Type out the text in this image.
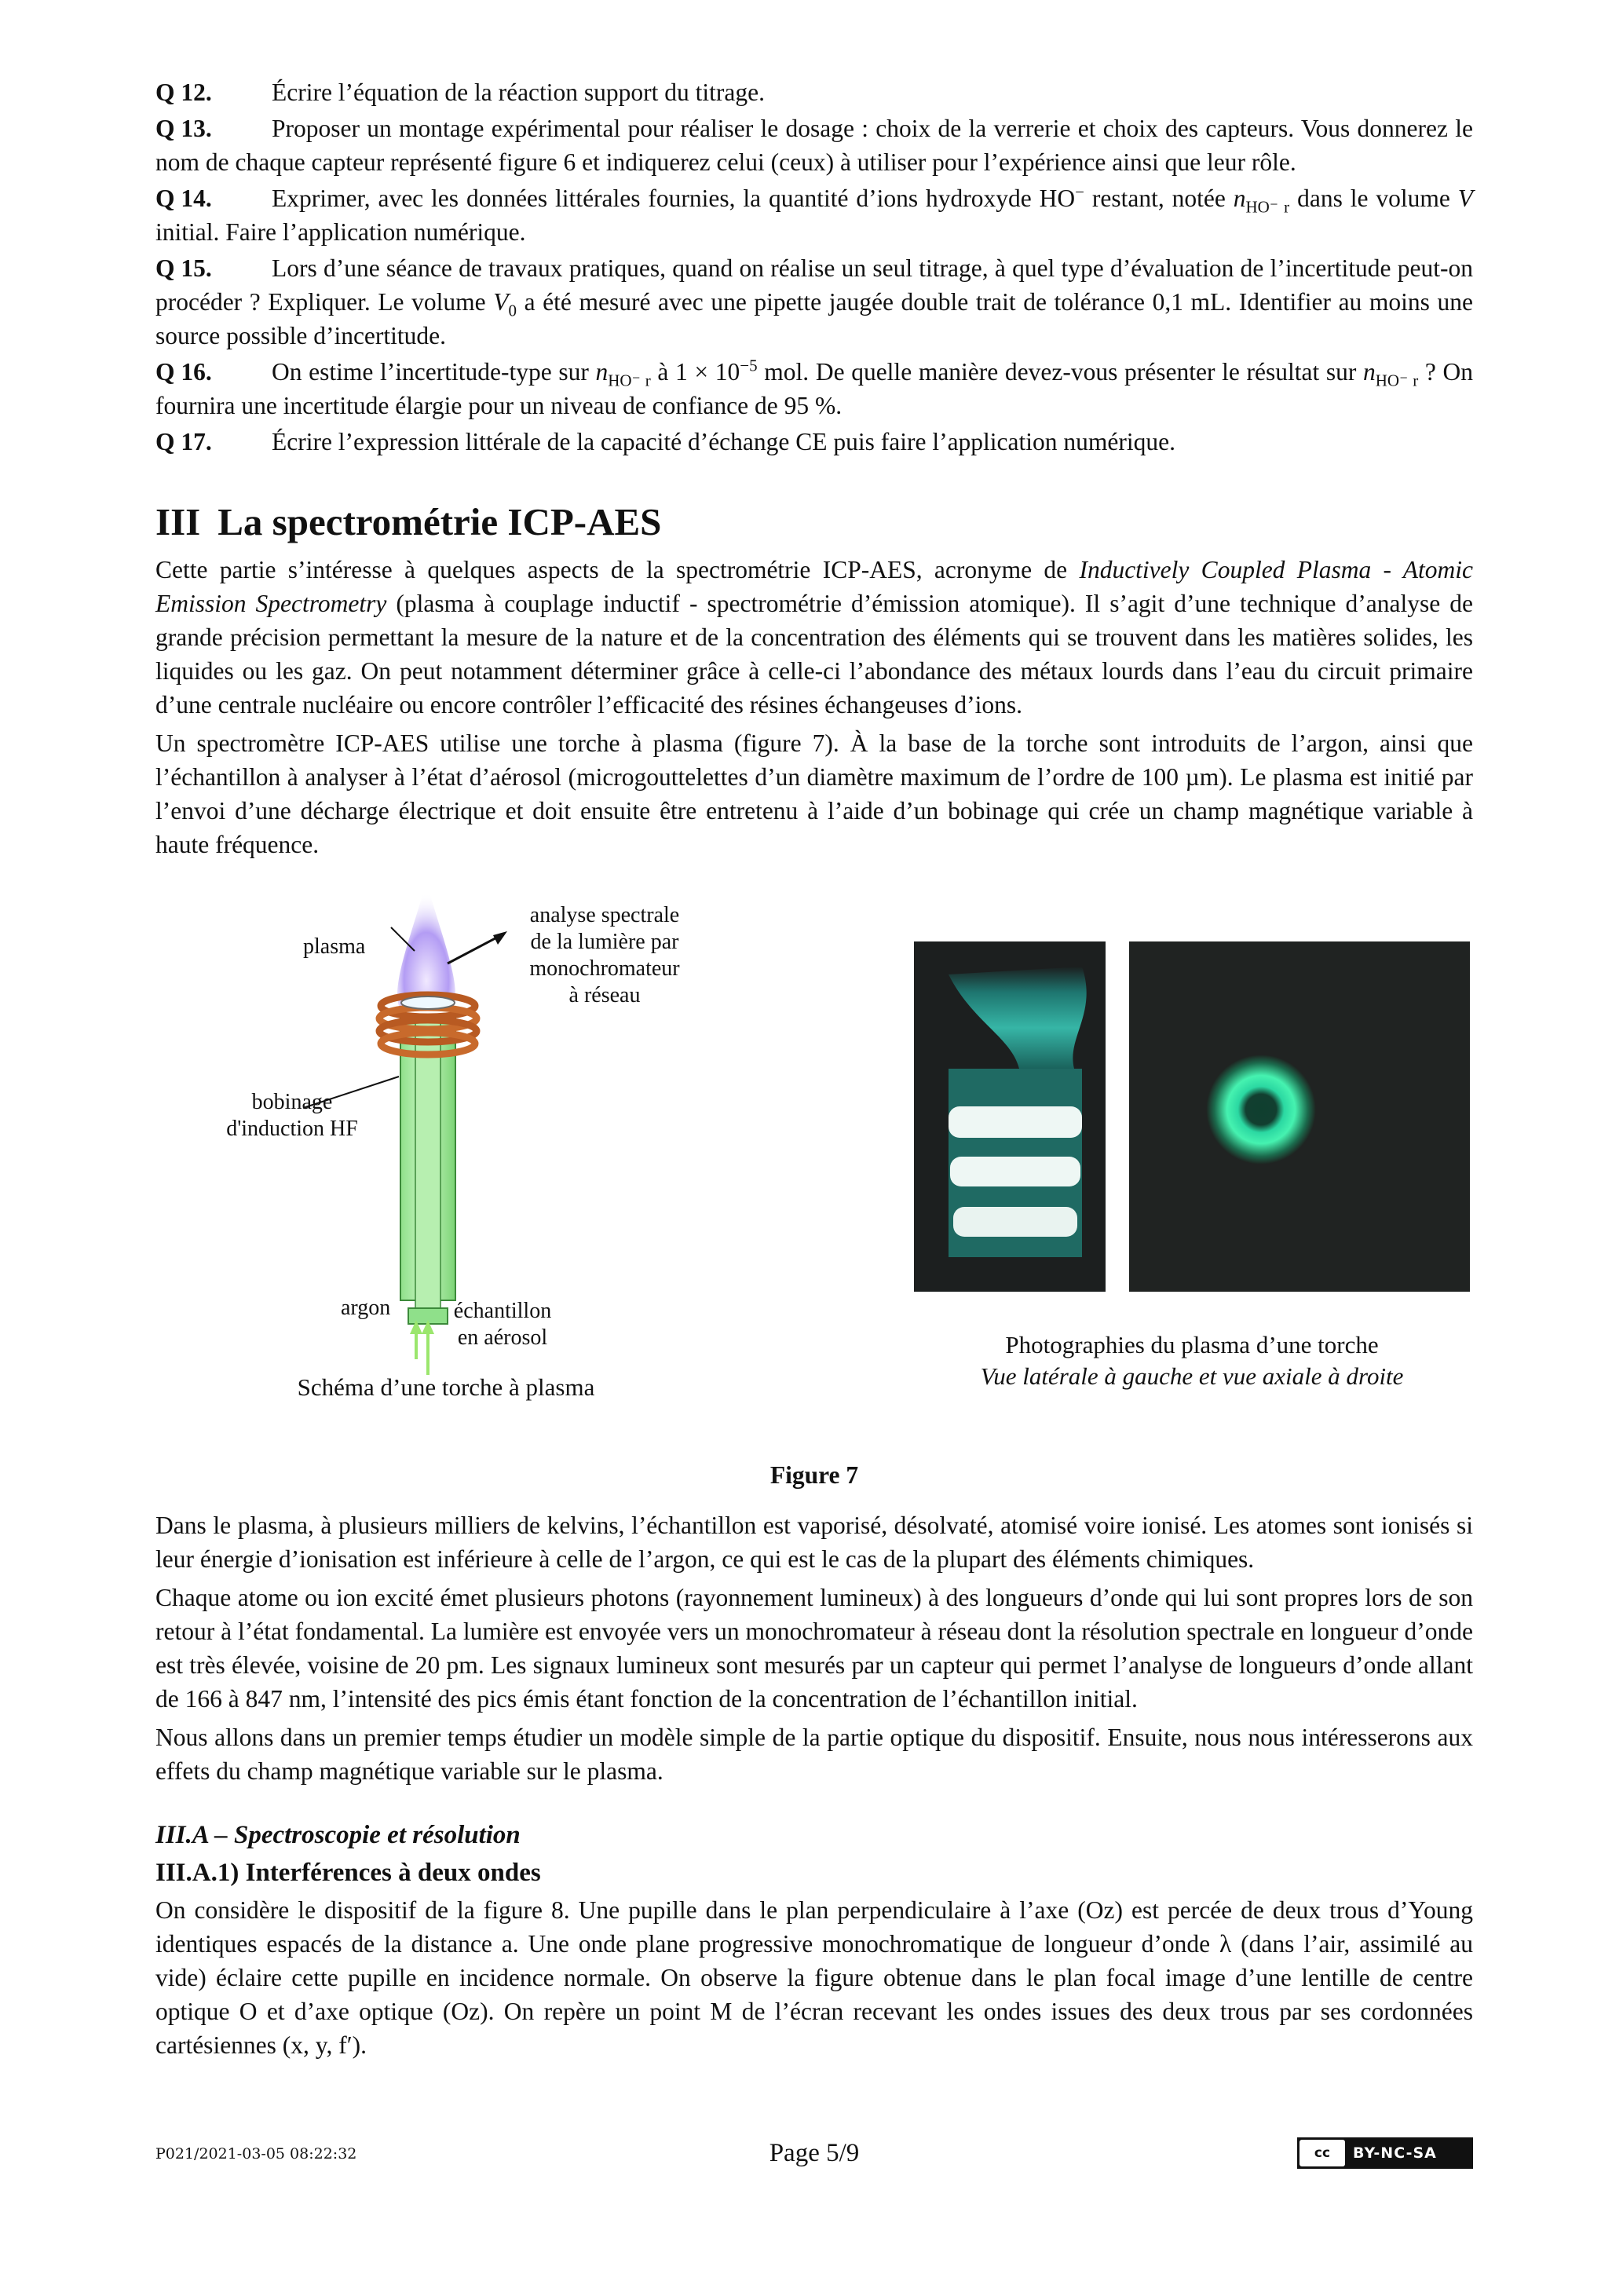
Q 12. Écrire l’équation de la réaction support du titrage.
Q 13. Proposer un montage expérimental pour réaliser le dosage : choix de la verrerie et choix des capteurs. Vous donnerez le nom de chaque capteur représenté figure 6 et indiquerez celui (ceux) à utiliser pour l’expérience ainsi que leur rôle.
Q 14. Exprimer, avec les données littérales fournies, la quantité d’ions hydroxyde HO− restant, notée $n_{HO^- r}$ dans le volume V initial. Faire l’application numérique.
Q 15. Lors d’une séance de travaux pratiques, quand on réalise un seul titrage, à quel type d’évaluation de l’incertitude peut-on procéder ? Expliquer. Le volume $V_0$ a été mesuré avec une pipette jaugée double trait de tolérance 0,1 mL. Identifier au moins une source possible d’incertitude.
Q 16. On estime l’incertitude-type sur $n_{HO^- r}$ à $1 \times 10^{-5}$ mol. De quelle manière devez-vous présenter le résultat sur $n_{HO^- r}$ ? On fournira une incertitude élargie pour un niveau de confiance de 95 %.
Q 17. Écrire l’expression littérale de la capacité d’échange CE puis faire l’application numérique.
III La spectrométrie ICP-AES

Cette partie s’intéresse à quelques aspects de la spectrométrie ICP-AES, acronyme de Inductively Coupled Plasma - Atomic Emission Spectrometry (plasma à couplage inductif - spectrométrie d’émission atomique). Il s’agit d’une technique d’analyse de grande précision permettant la mesure de la nature et de la concentration des éléments qui se trouvent dans les matières solides, les liquides ou les gaz. On peut notamment déterminer grâce à celle-ci l’abondance des métaux lourds dans l’eau du circuit primaire d’une centrale nucléaire ou encore contrôler l’efficacité des résines échangeuses d’ions.

Un spectromètre ICP-AES utilise une torche à plasma (figure 7). À la base de la torche sont introduits de l’argon, ainsi que l’échantillon à analyser à l’état d’aérosol (microgouttelettes d’un diamètre maximum de l’ordre de 100 µm). Le plasma est initié par l’envoi d’une décharge électrique et doit ensuite être entretenu à l’aide d’un bobinage qui crée un champ magnétique variable à haute fréquence.

plasma
analyse spectrale
de la lumière par
monochromateur
à réseau
bobinage
d'induction HF
argon	échantillon
en aérosol
Schéma d’une torche à plasma
Photographies du plasma d’une torche
Vue latérale à gauche et vue axiale à droite
Figure 7

Dans le plasma, à plusieurs milliers de kelvins, l’échantillon est vaporisé, désolvaté, atomisé voire ionisé. Les atomes sont ionisés si leur énergie d’ionisation est inférieure à celle de l’argon, ce qui est le cas de la plupart des éléments chimiques.

Chaque atome ou ion excité émet plusieurs photons (rayonnement lumineux) à des longueurs d’onde qui lui sont propres lors de son retour à l’état fondamental. La lumière est envoyée vers un monochromateur à réseau dont la résolution spectrale en longueur d’onde est très élevée, voisine de 20 pm. Les signaux lumineux sont mesurés par un capteur qui permet l’analyse de longueurs d’onde allant de 166 à 847 nm, l’intensité des pics émis étant fonction de la concentration de l’échantillon initial.

Nous allons dans un premier temps étudier un modèle simple de la partie optique du dispositif. Ensuite, nous nous intéresserons aux effets du champ magnétique variable sur le plasma.

III.A – Spectroscopie et résolution
III.A.1) Interférences à deux ondes

On considère le dispositif de la figure 8. Une pupille dans le plan perpendiculaire à l’axe (Oz) est percée de deux trous d’Young identiques espacés de la distance a. Une onde plane progressive monochromatique de longueur d’onde λ (dans l’air, assimilé au vide) éclaire cette pupille en incidence normale. On observe la figure obtenue dans le plan focal image d’une lentille de centre optique O et d’axe optique (Oz). On repère un point M de l’écran recevant les ondes issues des deux trous par ses cordonnées cartésiennes (x, y, f′).

P021/2021-03-05 08:22:32	Page 5/9	cc	BY-NC-SA
